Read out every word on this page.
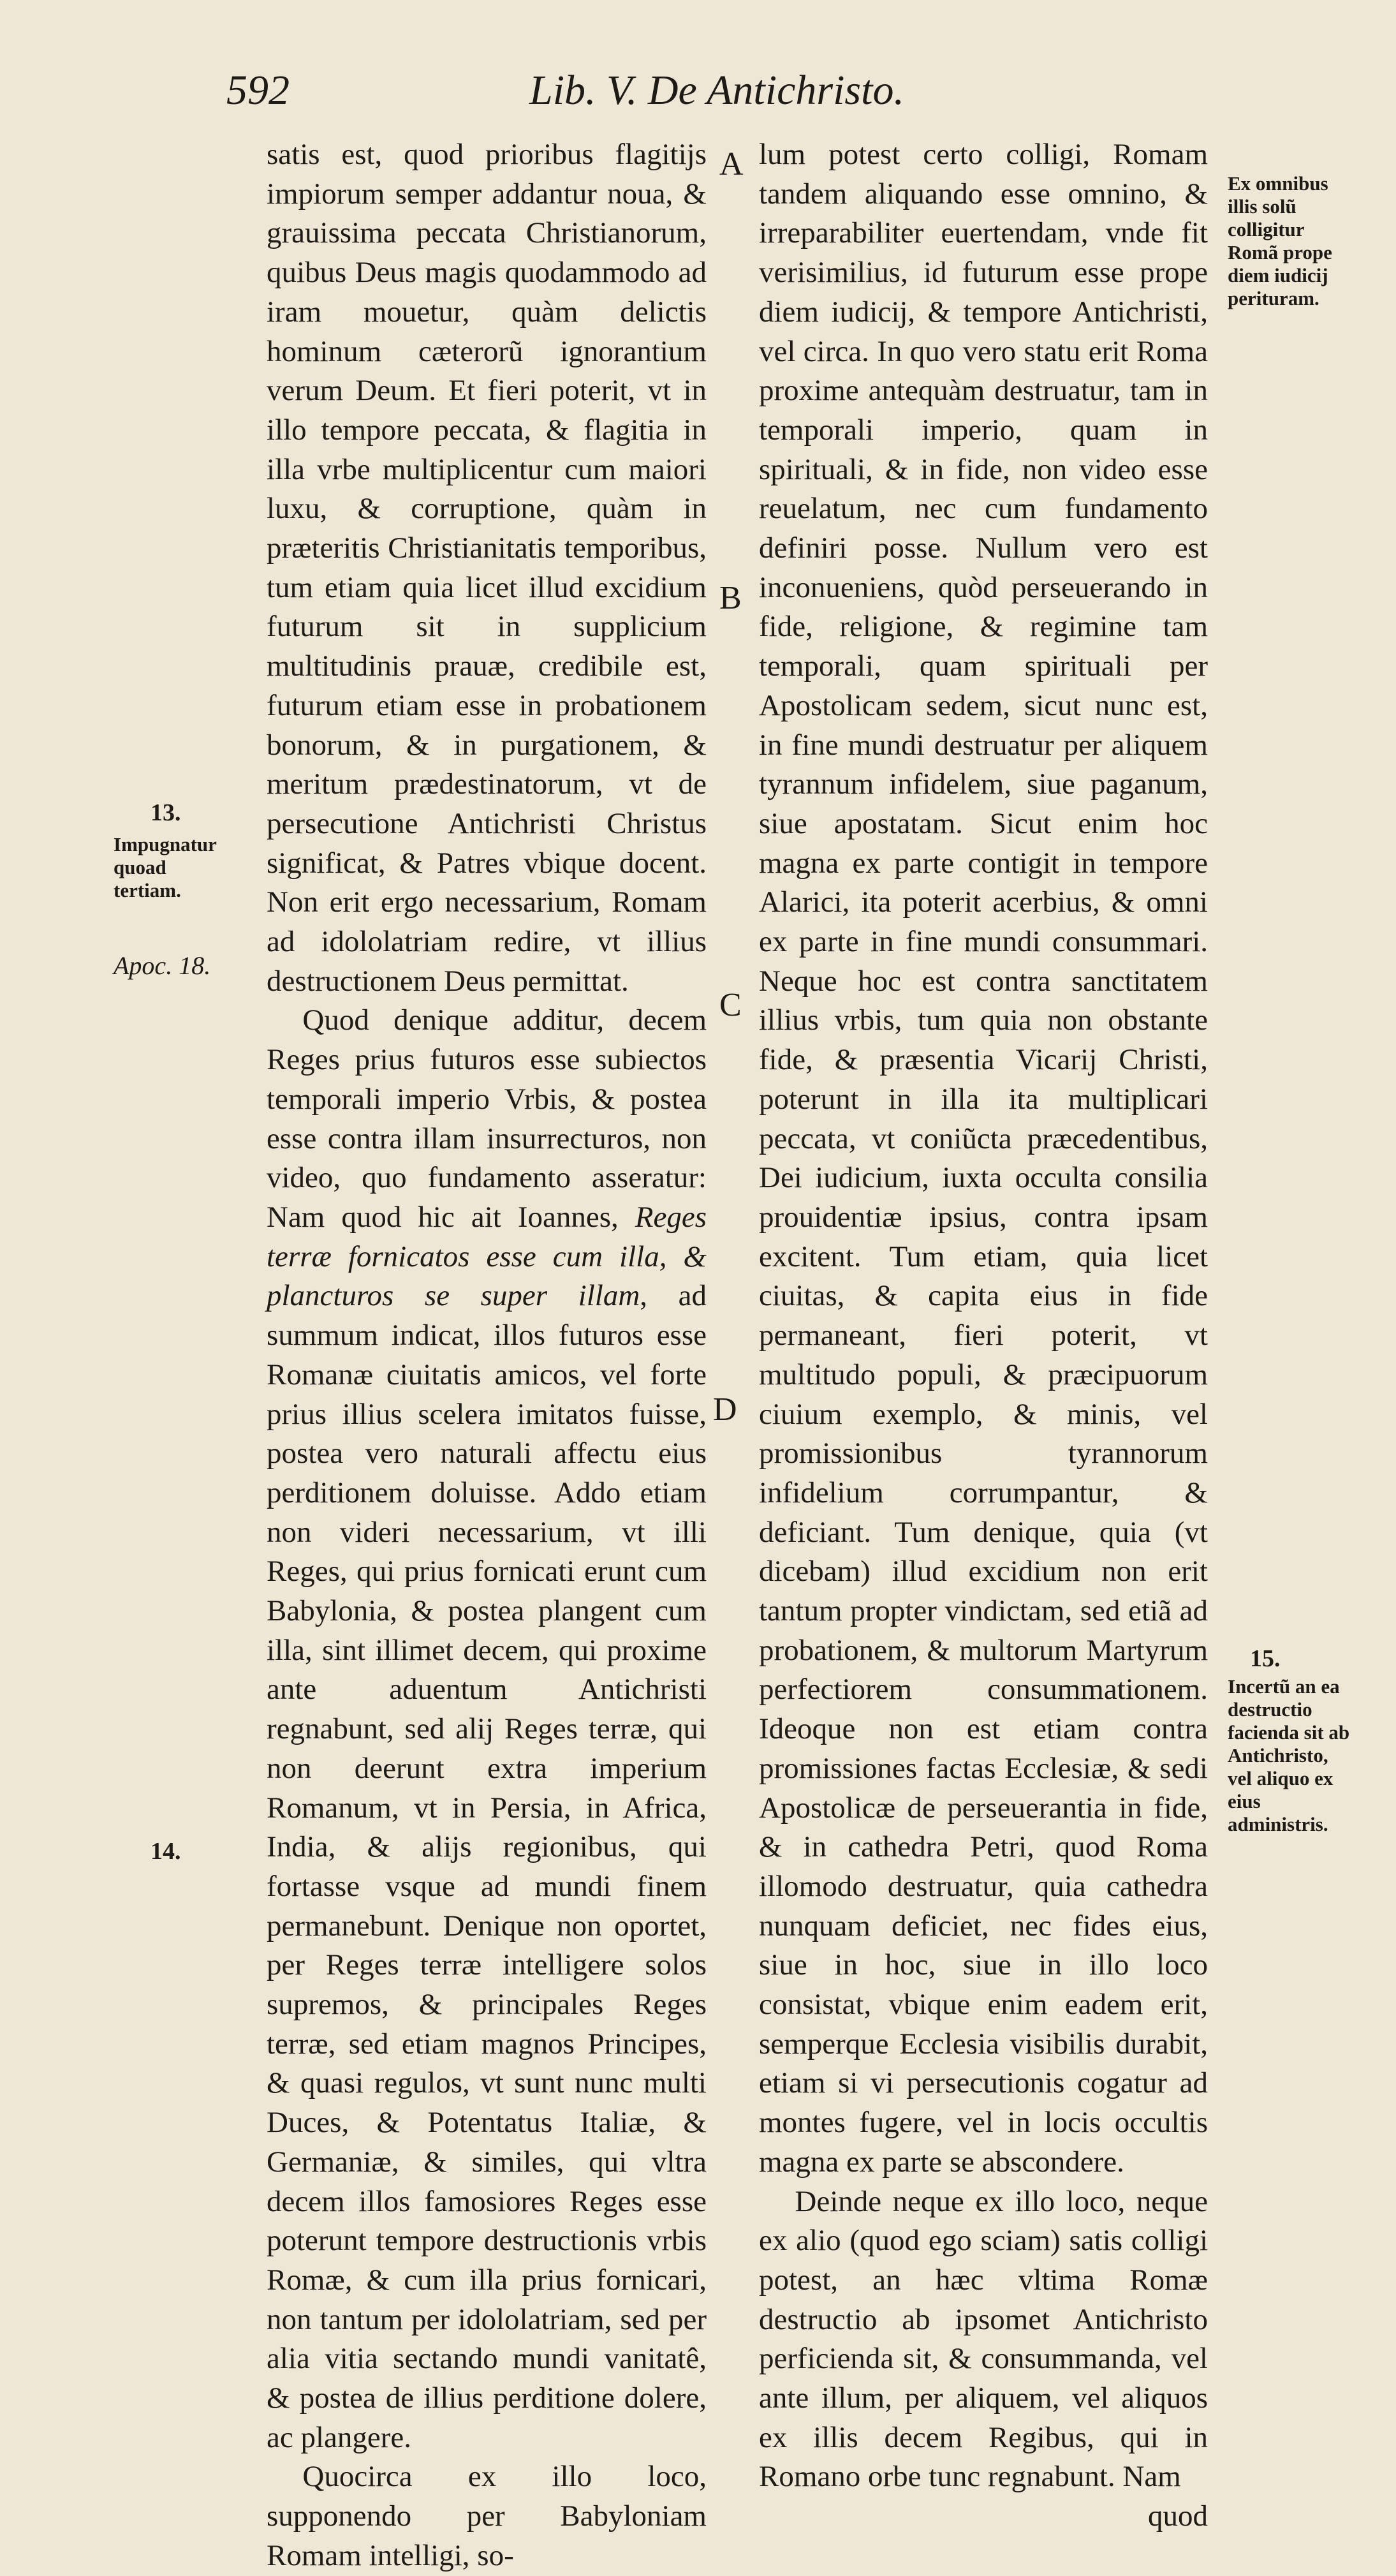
592	Lib. V. De Antichristo.

satis est, quod prioribus flagitijs impiorum semper addantur noua, & grauissima peccata Christianorum, quibus Deus magis quodammodo ad iram mouetur, quàm delictis hominum cæterorũ ignorantium verum Deum. Et fieri poterit, vt in illo tempore peccata, & flagitia in illa vrbe multiplicentur cum maiori luxu, & corruptione, quàm in præteritis Christianitatis temporibus, tum etiam quia licet illud excidium futurum sit in supplicium multitudinis prauæ, credibile est, futurum etiam esse in probationem bonorum, & in purgationem, & meritum prædestinatorum, vt de persecutione Antichristi Christus significat, & Patres vbique docent. Non erit ergo necessarium, Romam ad idololatriam redire, vt illius destructionem Deus permittat.

Quod denique additur, decem Reges prius futuros esse subiectos temporali imperio Vrbis, & postea esse contra illam insurrecturos, non video, quo fundamento asseratur: Nam quod hic ait Ioannes, Reges terræ fornicatos esse cum illa, & plancturos se super illam, ad summum indicat, illos futuros esse Romanæ ciuitatis amicos, vel forte prius illius scelera imitatos fuisse, postea vero naturali affectu eius perditionem doluisse. Addo etiam non videri necessarium, vt illi Reges, qui prius fornicati erunt cum Babylonia, & postea plangent cum illa, sint illimet decem, qui proxime ante aduentum Antichristi regnabunt, sed alij Reges terræ, qui non deerunt extra imperium Romanum, vt in Persia, in Africa, India, & alijs regionibus, qui fortasse vsque ad mundi finem permanebunt. Denique non oportet, per Reges terræ intelligere solos supremos, & principales Reges terræ, sed etiam magnos Principes, & quasi regulos, vt sunt nunc multi Duces, & Potentatus Italiæ, & Germaniæ, & similes, qui vltra decem illos famosiores Reges esse poterunt tempore destructionis vrbis Romæ, & cum illa prius fornicari, non tantum per idololatriam, sed per alia vitia sectando mundi vanitatê, & postea de illius perditione dolere, ac plangere.

Quocirca ex illo loco, supponendo per Babyloniam Romam intelligi, so-

lum potest certo colligi, Romam tandem aliquando esse omnino, & irreparabiliter euertendam, vnde fit verisimilius, id futurum esse prope diem iudicij, & tempore Antichristi, vel circa. In quo vero statu erit Roma proxime antequàm destruatur, tam in temporali imperio, quam in spirituali, & in fide, non video esse reuelatum, nec cum fundamento definiri posse. Nullum vero est inconueniens, quòd perseuerando in fide, religione, & regimine tam temporali, quam spirituali per Apostolicam sedem, sicut nunc est, in fine mundi destruatur per aliquem tyrannum infidelem, siue paganum, siue apostatam. Sicut enim hoc magna ex parte contigit in tempore Alarici, ita poterit acerbius, & omni ex parte in fine mundi consummari. Neque hoc est contra sanctitatem illius vrbis, tum quia non obstante fide, & præsentia Vicarij Christi, poterunt in illa ita multiplicari peccata, vt coniũcta præcedentibus, Dei iudicium, iuxta occulta consilia prouidentiæ ipsius, contra ipsam excitent. Tum etiam, quia licet ciuitas, & capita eius in fide permaneant, fieri poterit, vt multitudo populi, & præcipuorum ciuium exemplo, & minis, vel promissionibus tyrannorum infidelium corrumpantur, & deficiant. Tum denique, quia (vt dicebam) illud excidium non erit tantum propter vindictam, sed etiã ad probationem, & multorum Martyrum perfectiorem consummationem. Ideoque non est etiam contra promissiones factas Ecclesiæ, & sedi Apostolicæ de perseuerantia in fide, & in cathedra Petri, quod Roma illomodo destruatur, quia cathedra nunquam deficiet, nec fides eius, siue in hoc, siue in illo loco consistat, vbique enim eadem erit, semperque Ecclesia visibilis durabit, etiam si vi persecutionis cogatur ad montes fugere, vel in locis occultis magna ex parte se abscondere.

Deinde neque ex illo loco, neque ex alio (quod ego sciam) satis colligi potest, an hæc vltima Romæ destructio ab ipsomet Antichristo perficienda sit, & consummanda, vel ante illum, per aliquem, vel aliquos ex illis decem Regibus, qui in Romano orbe tunc regnabunt. Nam

quod

A
B
C
D
13.
Impugnatur quoad tertiam.
Apoc. 18.
14.
Ex omnibus illis solũ colligitur Romã prope diem iudicij perituram.
15.
Incertũ an ea destructio facienda sit ab Antichristo, vel aliquo ex eius administris.
